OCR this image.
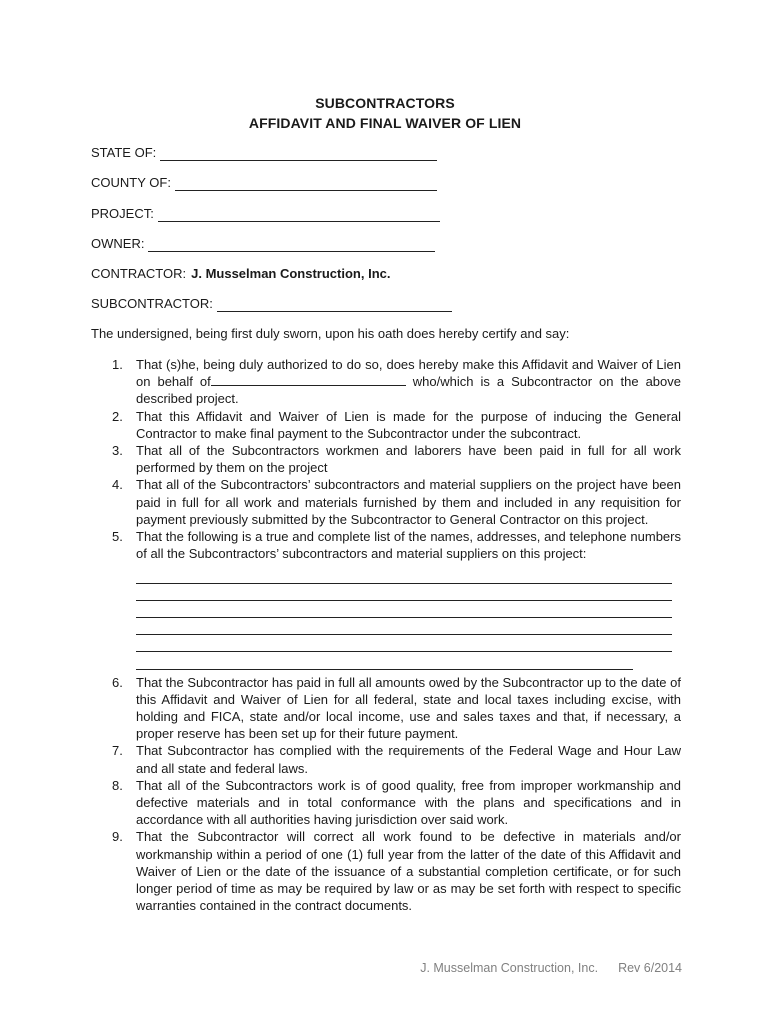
SUBCONTRACTORS
AFFIDAVIT AND FINAL WAIVER OF LIEN
STATE OF:
COUNTY OF:
PROJECT:
OWNER:
CONTRACTOR: J. Musselman Construction, Inc.
SUBCONTRACTOR:
The undersigned, being first duly sworn, upon his oath does hereby certify and say:
1. That (s)he, being duly authorized to do so, does hereby make this Affidavit and Waiver of Lien on behalf of	who/which is a Subcontractor on the above described project.
2. That this Affidavit and Waiver of Lien is made for the purpose of inducing the General Contractor to make final payment to the Subcontractor under the subcontract.
3. That all of the Subcontractors workmen and laborers have been paid in full for all work performed by them on the project
4. That all of the Subcontractors’ subcontractors and material suppliers on the project have been paid in full for all work and materials furnished by them and included in any requisition for payment previously submitted by the Subcontractor to General Contractor on this project.
5. That the following is a true and complete list of the names, addresses, and telephone numbers of all the Subcontractors’ subcontractors and material suppliers on this project:
6. That the Subcontractor has paid in full all amounts owed by the Subcontractor up to the date of this Affidavit and Waiver of Lien for all federal, state and local taxes including excise, with holding and FICA, state and/or local income, use and sales taxes and that, if necessary, a proper reserve has been set up for their future payment.
7. That Subcontractor has complied with the requirements of the Federal Wage and Hour Law and all state and federal laws.
8. That all of the Subcontractors work is of good quality, free from improper workmanship and defective materials and in total conformance with the plans and specifications and in accordance with all authorities having jurisdiction over said work.
9. That the Subcontractor will correct all work found to be defective in materials and/or workmanship within a period of one (1) full year from the latter of the date of this Affidavit and Waiver of Lien or the date of the issuance of a substantial completion certificate, or for such longer period of time as may be required by law or as may be set forth with respect to specific warranties contained in the contract documents.
J. Musselman Construction, Inc. Rev 6/2014
